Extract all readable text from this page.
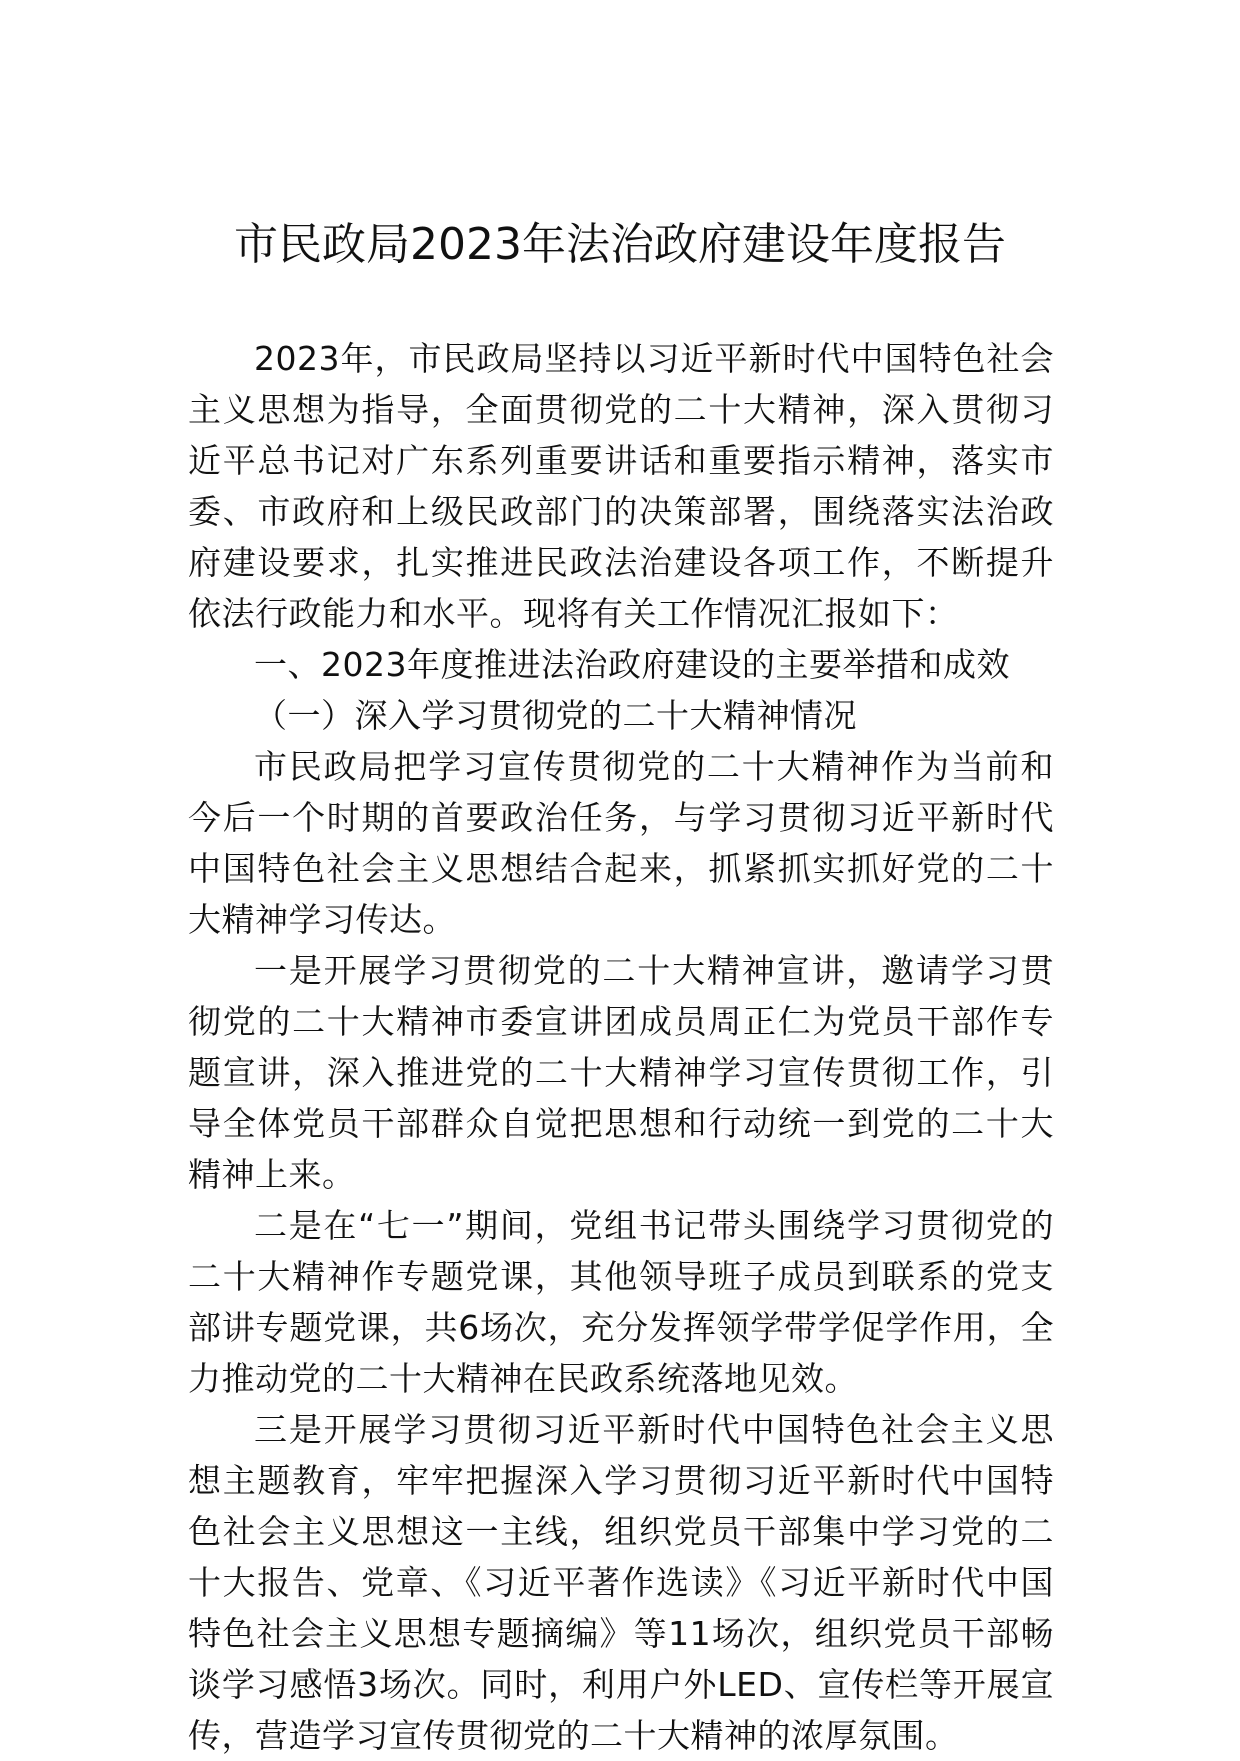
市民政局2023年法治政府建设年度报告

2023年，市民政局坚持以习近平新时代中国特色社会主义思想为指导，全面贯彻党的二十大精神，深入贯彻习近平总书记对广东系列重要讲话和重要指示精神，落实市委、市政府和上级民政部门的决策部署，围绕落实法治政府建设要求，扎实推进民政法治建设各项工作，不断提升依法行政能力和水平。现将有关工作情况汇报如下：

一、2023年度推进法治政府建设的主要举措和成效

（一）深入学习贯彻党的二十大精神情况

市民政局把学习宣传贯彻党的二十大精神作为当前和今后一个时期的首要政治任务，与学习贯彻习近平新时代中国特色社会主义思想结合起来，抓紧抓实抓好党的二十大精神学习传达。

一是开展学习贯彻党的二十大精神宣讲，邀请学习贯彻党的二十大精神市委宣讲团成员周正仁为党员干部作专题宣讲，深入推进党的二十大精神学习宣传贯彻工作，引导全体党员干部群众自觉把思想和行动统一到党的二十大精神上来。

二是在“七一”期间，党组书记带头围绕学习贯彻党的二十大精神作专题党课，其他领导班子成员到联系的党支部讲专题党课，共6场次，充分发挥领学带学促学作用，全力推动党的二十大精神在民政系统落地见效。

三是开展学习贯彻习近平新时代中国特色社会主义思想主题教育，牢牢把握深入学习贯彻习近平新时代中国特色社会主义思想这一主线，组织党员干部集中学习党的二十大报告、党章、《习近平著作选读》《习近平新时代中国特色社会主义思想专题摘编》等11场次，组织党员干部畅谈学习感悟3场次。同时，利用户外LED、宣传栏等开展宣传，营造学习宣传贯彻党的二十大精神的浓厚氛围。
